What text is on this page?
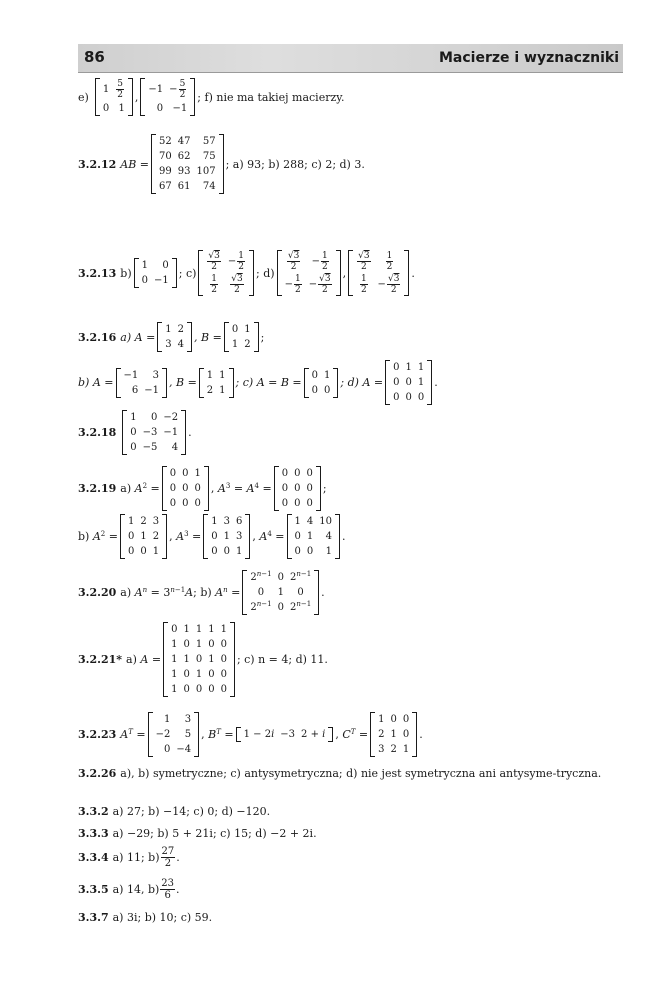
86	Macierze i wyznaczniki
e)
1	$\frac{5}{2}$

0	1
,
−1	− $\frac{5}{2}$

0	−1
; f) nie ma takiej macierzy.
3.2.12 AB =
52	47	57
70	62	75
99	93	107
67	61	74
; a) 93; b) 288; c) 2; d) 3.
3.2.13 b)
1	0
0	−1
; c)
$\frac{√3}{2}$	− $\frac{1}{2}$

$\frac{1}{2}$	$\frac{√3}{2}$
; d)
$\frac{√3}{2}$	− $\frac{1}{2}$

− $\frac{1}{2}$	− $\frac{√3}{2}$
,
$\frac{√3}{2}$	$\frac{1}{2}$

$\frac{1}{2}$	− $\frac{√3}{2}$
.
3.2.16 a) A =
1	2
3	4
, B =
0	1
1	2
;
b) A =
−1	3
6	−1
, B =
1	1
2	1
; c) A = B =
0	1
0	0
; d) A =
0	1	1
0	0	1
0	0	0
.
3.2.18
1	0	−2
0	−3	−1
0	−5	4
.
3.2.19 a) $A^2$ =
0	0	1
0	0	0
0	0	0
, $A^3 = A^4$ =
0	0	0
0	0	0
0	0	0
;
b) $A^2$ =
1	2	3
0	1	2
0	0	1
, $A^3$ =
1	3	6
0	1	3
0	0	1
, $A^4$ =
1	4	10
0	1	4
0	0	1
.
3.2.20 a) $A^n = 3^{n-1}A$; b) $A^n$ =
$2^{n-1}$	0	$2^{n-1}$
0	1	0
$2^{n-1}$	0	$2^{n-1}$
.
3.2.21* a) A =
0	1	1	1	1
1	0	1	0	0
1	1	0	1	0
1	0	1	0	0
1	0	0	0	0
; c) n = 4; d) 11.
3.2.23 $A^T$ =
1	3
−2	5
0	−4
, $B^T = 1 - 2i$	−3	2 + i , $C^T$ =
1	0	0
2	1	0
3	2	1
.
3.2.26 a), b) symetryczne; c) antysymetryczna; d) nie jest symetryczna ani antysyme-tryczna.
3.3.2 a) 27; b) −14; c) 0; d) −120.
3.3.3 a) −29; b) 5 + 21i; c) 15; d) −2 + 2i.
3.3.4 a) 11; $b) \frac{27}{2}$ .
3.3.5 a) 14, $b) \frac{23}{6}$ .
3.3.7 a) 3i; b) 10; c) 59.
